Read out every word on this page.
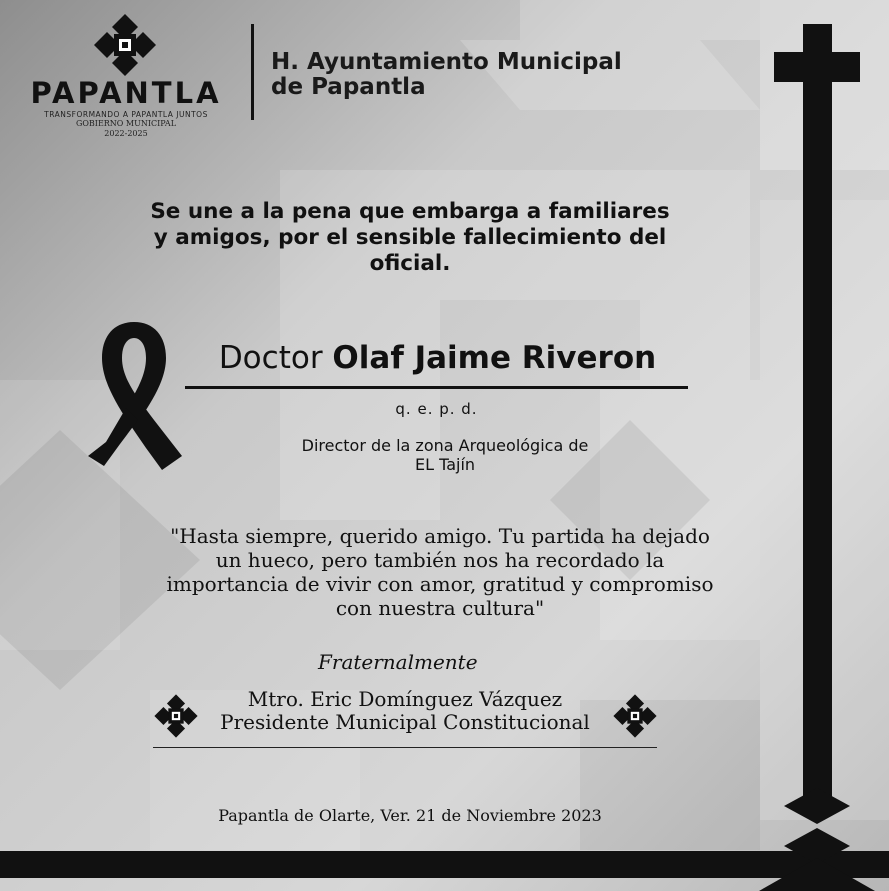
PAPANTLA
TRANSFORMANDO A PAPANTLA JUNTOS
GOBIERNO MUNICIPAL
2022-2025
H. Ayuntamiento Municipal
de Papantla
Se une a la pena que embarga a familiares
y amigos, por el sensible fallecimiento del
oficial.
Doctor Olaf Jaime Riveron
q. e. p. d.
Director de la zona Arqueológica de
EL Tajín
"Hasta siempre, querido amigo. Tu partida ha dejado
un hueco, pero también nos ha recordado la
importancia de vivir con amor, gratitud y compromiso
con nuestra cultura"
Fraternalmente
Mtro. Eric Domínguez Vázquez
Presidente Municipal Constitucional
Papantla de Olarte, Ver. 21 de Noviembre 2023
